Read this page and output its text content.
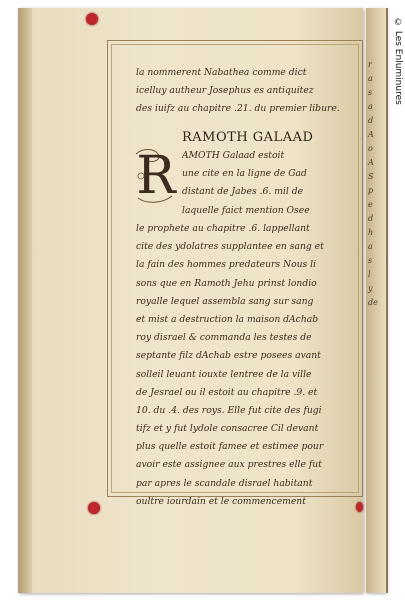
la nommerent Nabathea comme dict
icelluy autheur Josephus es antiquitez
des iuifz au chapitre .21. du premier libure.
RAMOTH GALAAD
R AMOTH Galaad estoit
une cite en la ligne de Gad
distant de Jabes .6. mil de
laquelle faict mention Osee
le prophete au chapitre .6. lappellant
cite des ydolatres supplantee en sang et
la fain des hommes predateurs Nous li
sons que en Ramoth Jehu prinst londio
royalle lequel assembla sang sur sang
et mist a destruction la maison dAchab
roy disrael & commanda les testes de
septante filz dAchab estre posees avant
solleil leuant iouxte lentree de la ville
de Jesrael ou il estoit au chapitre .9. et
10. du .4. des roys. Elle fut cite des fugi
tifz et y fut lydole consacree Cil devant
plus quelle estoit famee et estimee pour
avoir este assignee aux prestres elle fut
par apres le scandale disrael habitant
oultre iourdain et le commencement
r
a
s
a
d
A
o
A
S
p
e
d
h
a
s
l
y
de
© Les Enluminures
